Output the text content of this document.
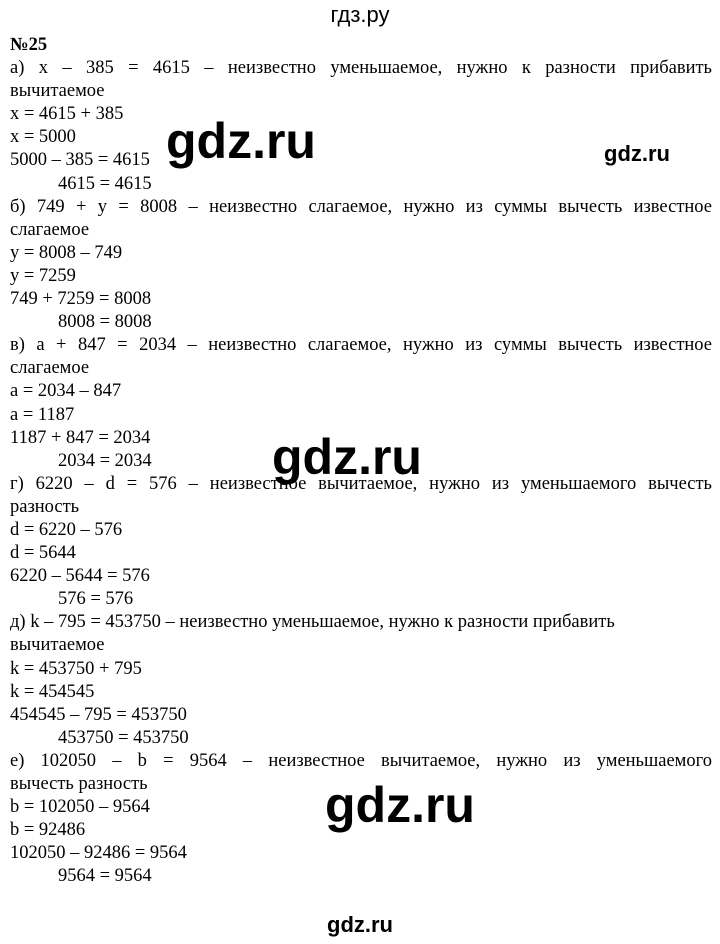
гдз.ру
№25
а) x – 385 = 4615 – неизвестно уменьшаемое, нужно к разности прибавить
вычитаемое
x = 4615 + 385
x = 5000
5000 – 385 = 4615
4615 = 4615
б) 749 + y = 8008 – неизвестно слагаемое, нужно из суммы вычесть известное
слагаемое
y = 8008 – 749
y = 7259
749 + 7259 = 8008
8008 = 8008
в) a + 847 = 2034 – неизвестно слагаемое, нужно из суммы вычесть известное
слагаемое
a = 2034 – 847
a = 1187
1187 + 847 = 2034
2034 = 2034
г) 6220 – d = 576 – неизвестное вычитаемое, нужно из уменьшаемого вычесть
разность
d = 6220 – 576
d = 5644
6220 – 5644 = 576
576 = 576
д) k – 795 = 453750 – неизвестно уменьшаемое, нужно к разности прибавить
вычитаемое
k = 453750 + 795
k = 454545
454545 – 795 = 453750
453750 = 453750
е) 102050 – b = 9564 – неизвестное вычитаемое, нужно из уменьшаемого
вычесть разность
b = 102050 – 9564
b = 92486
102050 – 92486 = 9564
9564 = 9564
gdz.ru	gdz.ru
gdz.ru
gdz.ru
gdz.ru
